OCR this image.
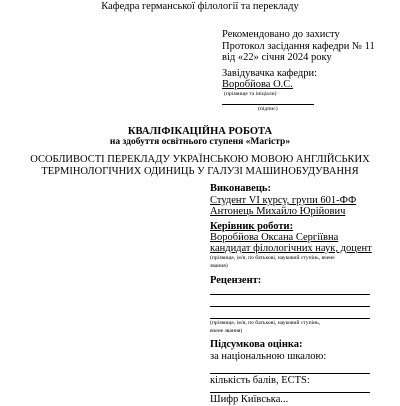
Кафедра германської філології та перекладу
Рекомендовано до захисту
Протокол засідання кафедри № 11
від «22» січня 2024 року
Завідувачка кафедри:
Воробйова О.С.
(прізвище та ініціали)
(підпис)
КВАЛІФІКАЦІЙНА РОБОТА
на здобуття освітнього ступеня «Магістр»
ОСОБЛИВОСТІ ПЕРЕКЛАДУ УКРАЇНСЬКОЮ МОВОЮ АНГЛІЙСЬКИХ
ТЕРМІНОЛОГІЧНИХ ОДИНИЦЬ У ГАЛУЗІ МАШИНОБУДУВАННЯ
Виконавець:
Студент VI курсу, групи 601-ФФ
Антонець Михайло Юрійович
Керівник роботи:
Воробйова Оксана Сергіївна
кандидат філологічних наук, доцент
(прізвище, ім'я, по батькові, науковий ступінь, вчене
звання)
Рецензент:
(прізвище, ім'я, по батькові, науковий ступінь,
вчене звання)
Підсумкова оцінка:
за національною шкалою:
кількість балів, ECTS:
Шифр Київська...
